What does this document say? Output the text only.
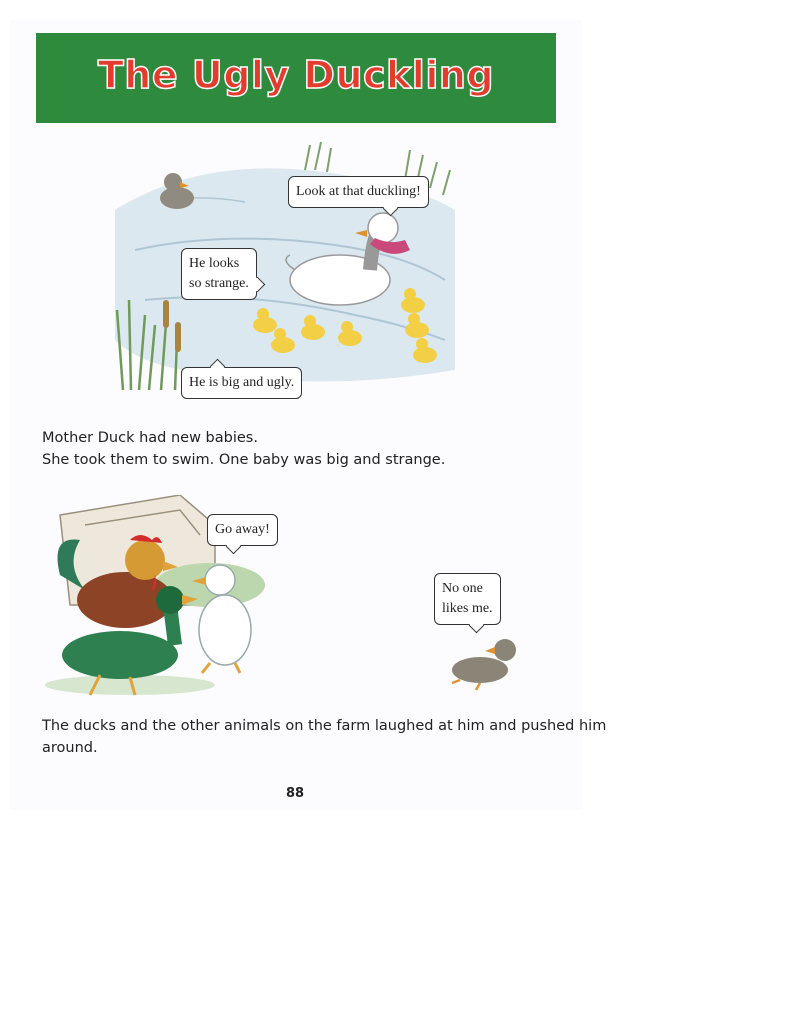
The Ugly Duckling
Look at that duckling!
He looks
so strange.
He is big and ugly.
Mother Duck had new babies.
She took them to swim. One baby was big and strange.
Go away!
No one
likes me.
The ducks and the other animals on the farm laughed at him and pushed him
around.
88
